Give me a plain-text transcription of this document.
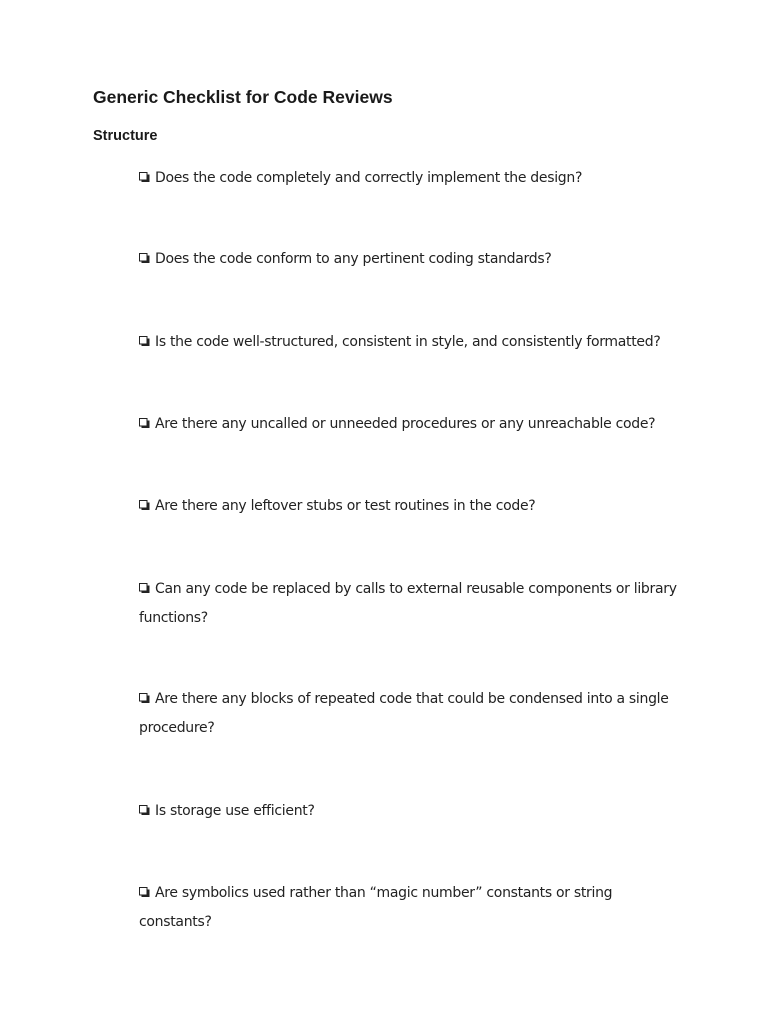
Generic Checklist for Code Reviews
Structure
Does the code completely and correctly implement the design?
Does the code conform to any pertinent coding standards?
Is the code well-structured, consistent in style, and consistently formatted?
Are there any uncalled or unneeded procedures or any unreachable code?
Are there any leftover stubs or test routines in the code?
Can any code be replaced by calls to external reusable components or library functions?
Are there any blocks of repeated code that could be condensed into a single procedure?
Is storage use efficient?
Are symbolics used rather than “magic number” constants or string constants?
